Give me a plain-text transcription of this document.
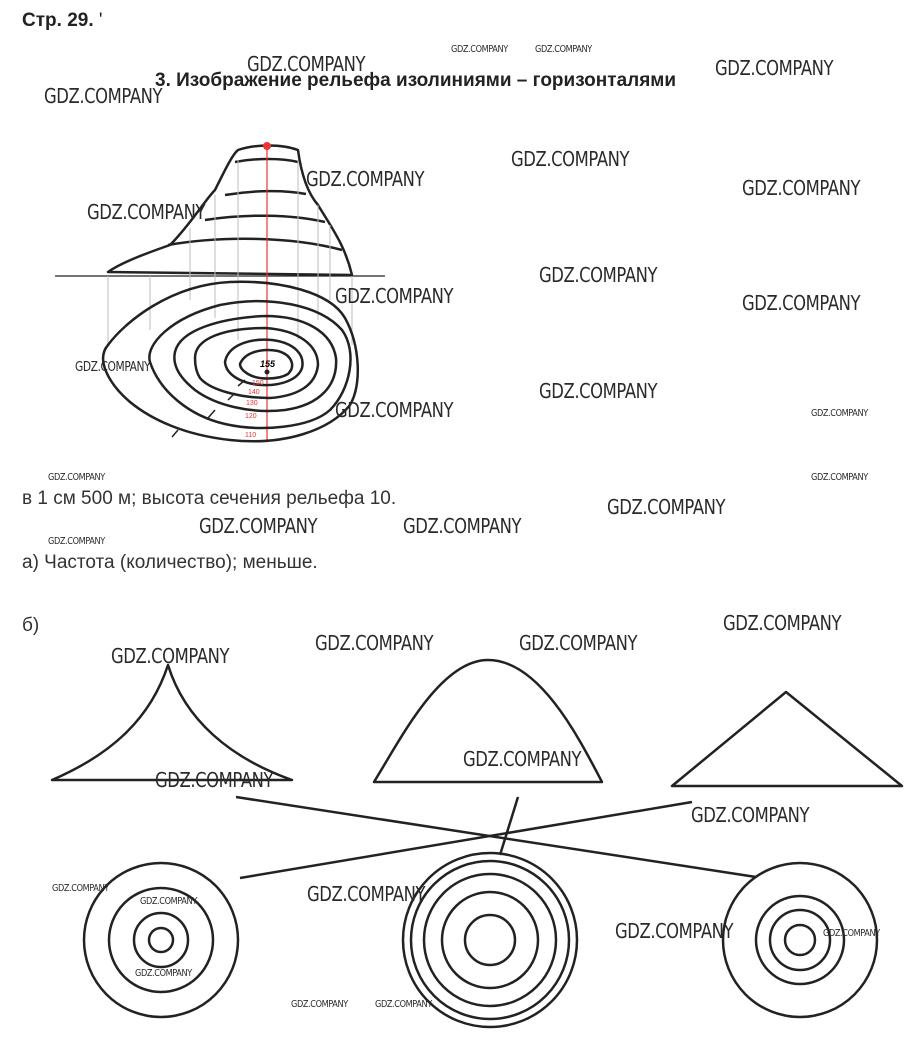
Стр. 29. '
3. Изображение рельефа изолиниями – горизонталями
в 1 см 500 м; высота сечения рельефа 10.
а) Частота (количество); меньше.
б)
155
150
140
130
120
110
GDZ.COMPANY
GDZ.COMPANY	GDZ.COMPANY
GDZ.COMPANY	GDZ.COMPANY
GDZ.COMPANY
GDZ.COMPANY
GDZ.COMPANY
GDZ.COMPANY
GDZ.COMPANY
GDZ.COMPANY	GDZ.COMPANY
GDZ.COMPANY
GDZ.COMPANY
GDZ.COMPANY	GDZ.COMPANY
GDZ.COMPANY	GDZ.COMPANY
GDZ.COMPANY
GDZ.COMPANY	GDZ.COMPANY
GDZ.COMPANY
GDZ.COMPANY
GDZ.COMPANY	GDZ.COMPANY
GDZ.COMPANY
GDZ.COMPANY
GDZ.COMPANY
GDZ.COMPANY
GDZ.COMPANY	GDZ.COMPANY
GDZ.COMPANY
GDZ.COMPANY	GDZ.COMPANY
GDZ.COMPANY
GDZ.COMPANY	GDZ.COMPANY
